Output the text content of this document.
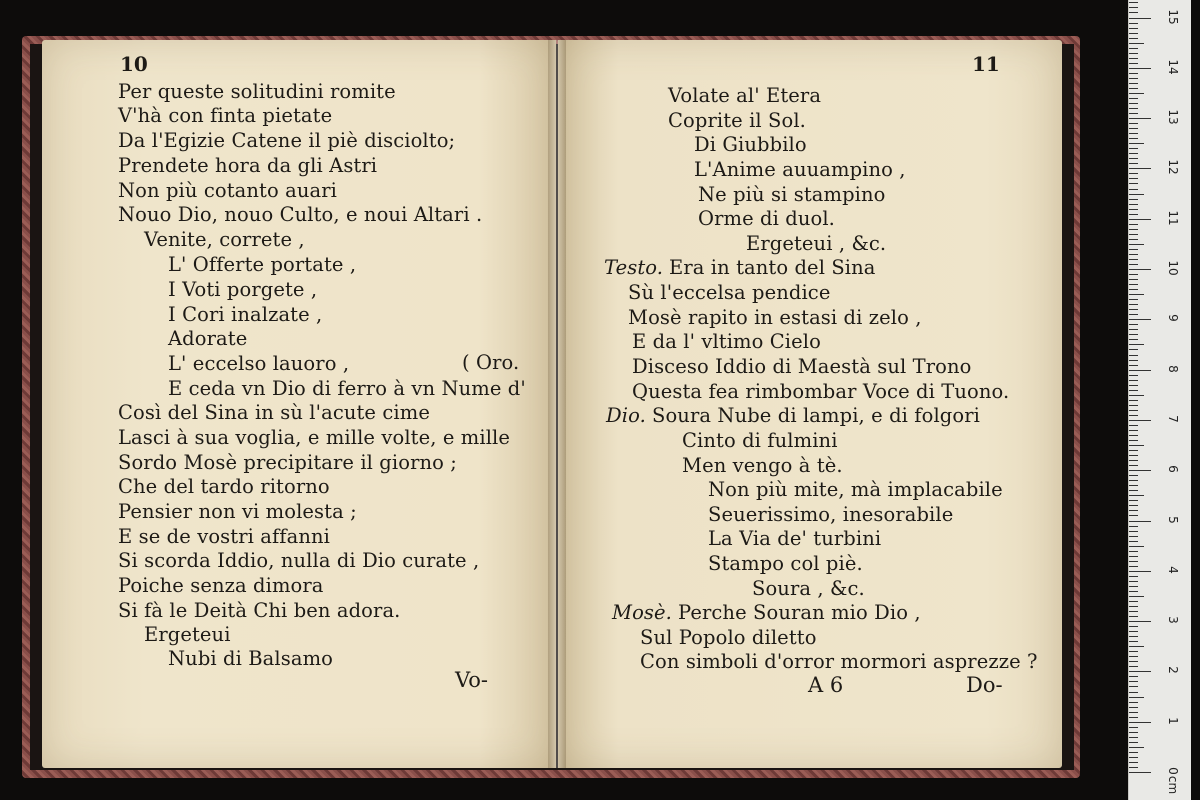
10
Per queste solitudini romite
V'hà con finta pietate
Da l'Egizie Catene il piè disciolto;
Prendete hora da gli Astri
Non più cotanto auari
Nouo Dio, nouo Culto, e noui Altari .
Venite, correte ,
L' Offerte portate ,
I Voti porgete ,
I Cori inalzate ,
Adorate
L' eccelso lauoro ,
E ceda vn Dio di ferro à vn Nume d'
Così del Sina in sù l'acute cime
Lasci à sua voglia, e mille volte, e mille
Sordo Mosè precipitare il giorno ;
Che del tardo ritorno
Pensier non vi molesta ;
E se de vostri affanni
Si scorda Iddio, nulla di Dio curate ,
Poiche senza dimora
Si fà le Deità Chi ben adora.
Ergeteui
Nubi di Balsamo
( Oro.
Vo-
11
Volate al' Etera
Coprite il Sol.
Di Giubbilo
L'Anime auuampino ,
Ne più si stampino
Orme di duol.
Ergeteui , &c.
Testo. Era in tanto del Sina
Sù l'eccelsa pendice
Mosè rapito in estasi di zelo ,
E da l' vltimo Cielo
Disceso Iddio di Maestà sul Trono
Questa fea rimbombar Voce di Tuono.
Dio. Soura Nube di lampi, e di folgori
Cinto di fulmini
Men vengo à tè.
Non più mite, mà implacabile
Seuerissimo, inesorabile
La Via de' turbini
Stampo col piè.
Soura , &c.
Mosè. Perche Souran mio Dio ,
Sul Popolo diletto
Con simboli d'orror mormori asprezze ?
A 6	Do-
0
1
2
3
4
5
6
7
8
9
10
11
12
13
14
15
cm
